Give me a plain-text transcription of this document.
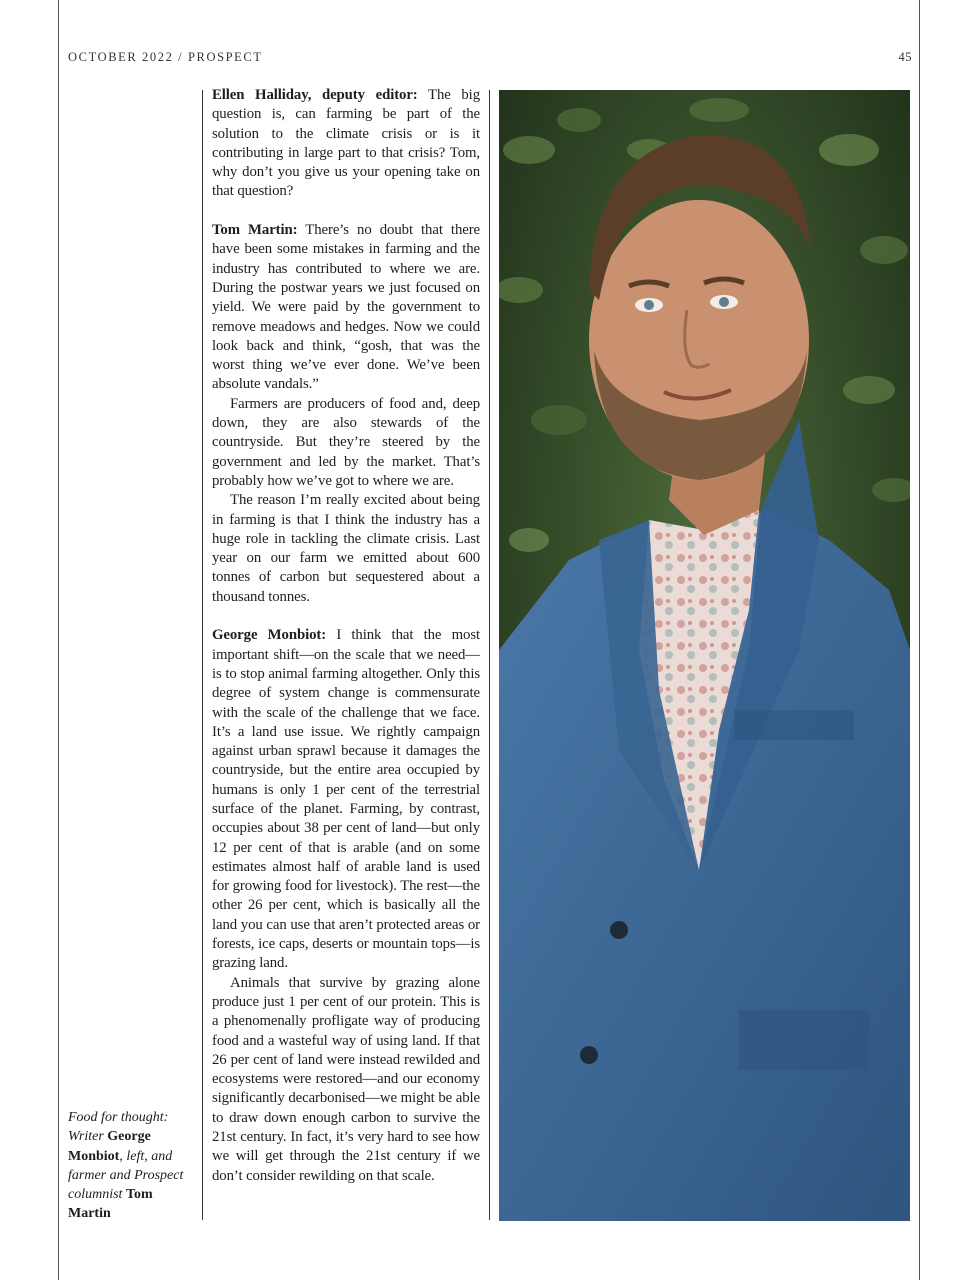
OCTOBER 2022 / PROSPECT	45

Ellen Halliday, deputy editor: The big question is, can farming be part of the solution to the climate crisis or is it contributing in large part to that crisis? Tom, why don’t you give us your opening take on that question?

Tom Martin: There’s no doubt that there have been some mistakes in farming and the industry has contributed to where we are. During the postwar years we just focused on yield. We were paid by the government to remove meadows and hedges. Now we could look back and think, “gosh, that was the worst thing we’ve ever done. We’ve been absolute vandals.”

Farmers are producers of food and, deep down, they are also stewards of the countryside. But they’re steered by the government and led by the market. That’s probably how we’ve got to where we are.

The reason I’m really excited about being in farming is that I think the industry has a huge role in tackling the climate crisis. Last year on our farm we emitted about 600 tonnes of carbon but sequestered about a thousand tonnes.

George Monbiot: I think that the most important shift—on the scale that we need—is to stop animal farming altogether. Only this degree of system change is commensurate with the scale of the challenge that we face. It’s a land use issue. We rightly campaign against urban sprawl because it damages the countryside, but the entire area occupied by humans is only 1 per cent of the terrestrial surface of the planet. Farming, by contrast, occupies about 38 per cent of land—but only 12 per cent of that is arable (and on some estimates almost half of arable land is used for growing food for livestock). The rest—the other 26 per cent, which is basically all the land you can use that aren’t protected areas or forests, ice caps, deserts or mountain tops—is grazing land.

Animals that survive by grazing alone produce just 1 per cent of our protein. This is a phenomenally profligate way of producing food and a wasteful way of using land. If that 26 per cent of land were instead rewilded and ecosystems were restored—and our economy significantly decarbonised—we might be able to draw down enough carbon to survive the 21st century. In fact, it’s very hard to see how we will get through the 21st century if we don’t consider rewilding on that scale.

Food for thought: Writer George Monbiot, left, and farmer and Prospect columnist Tom Martin
